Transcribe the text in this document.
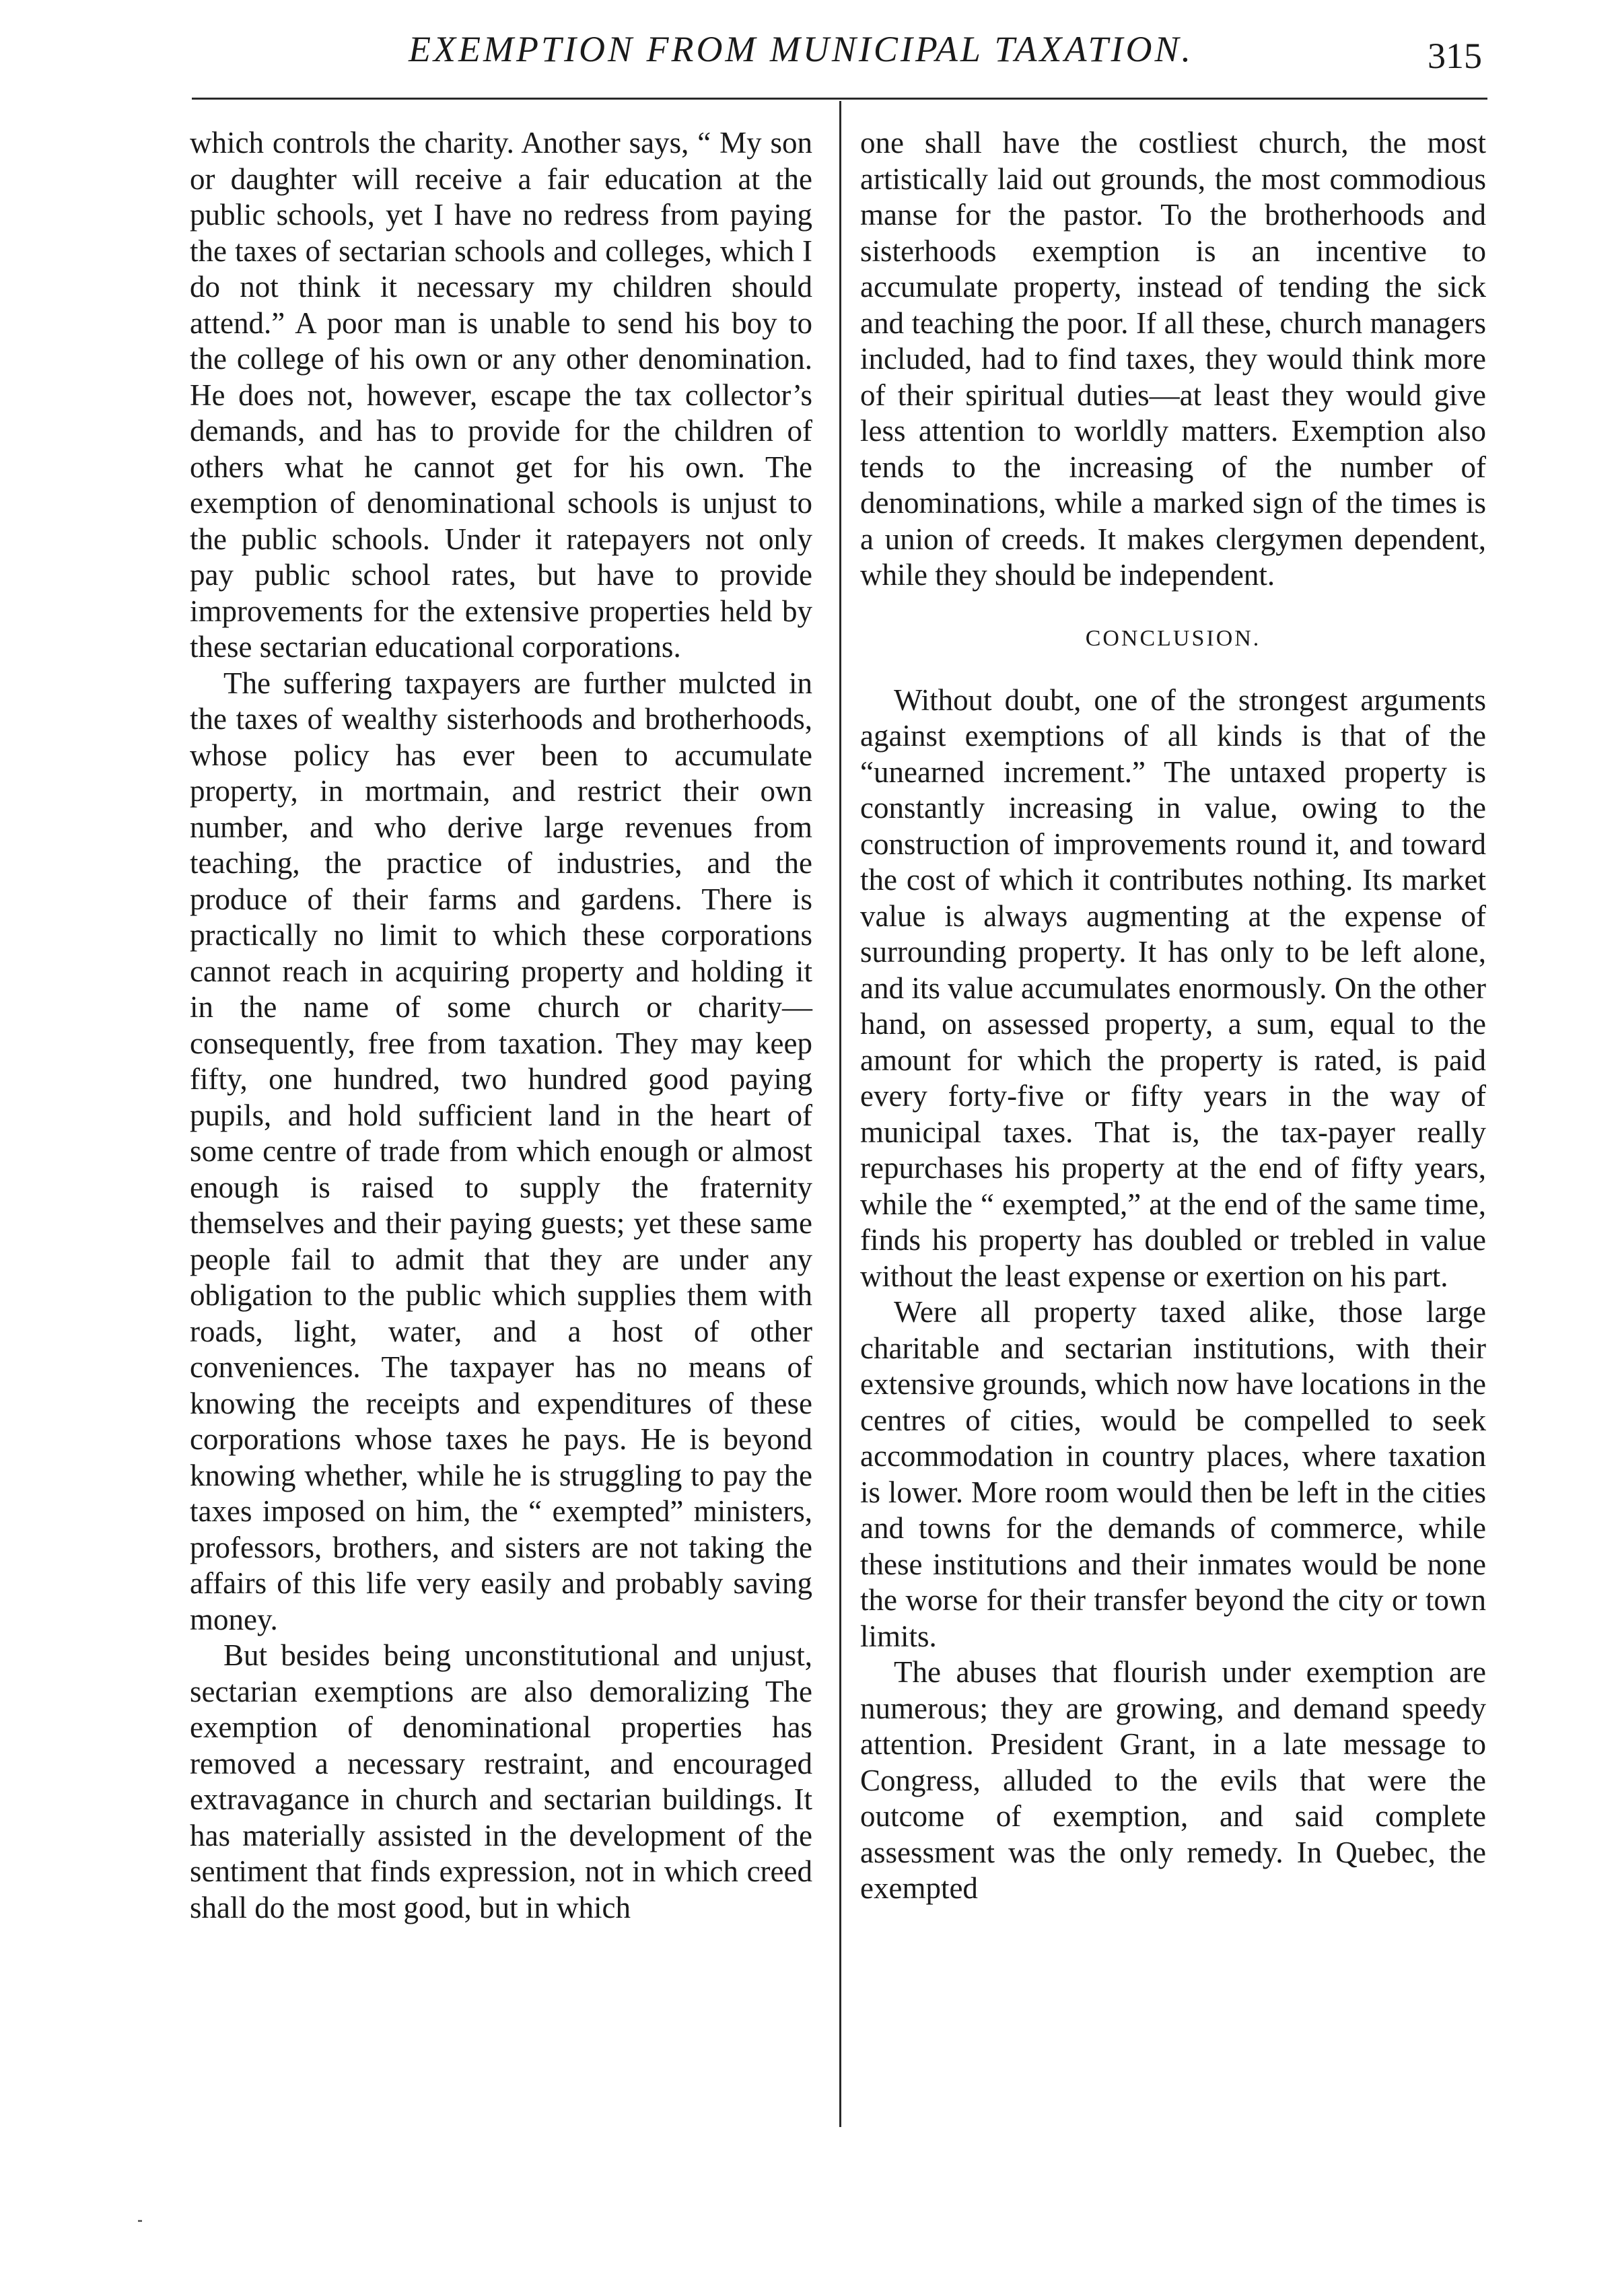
EXEMPTION FROM MUNICIPAL TAXATION.	315

which controls the charity. Another says, “ My son or daughter will receive a fair education at the public schools, yet I have no redress from paying the taxes of sectarian schools and colleges, which I do not think it necessary my children should attend.” A poor man is unable to send his boy to the college of his own or any other denomination. He does not, however, escape the tax collector’s demands, and has to provide for the children of others what he cannot get for his own. The exemption of denominational schools is unjust to the public schools. Under it ratepayers not only pay public school rates, but have to provide improvements for the extensive properties held by these sectarian educational corporations.

The suffering taxpayers are further mulcted in the taxes of wealthy sisterhoods and brotherhoods, whose policy has ever been to accumulate property, in mortmain, and restrict their own number, and who derive large revenues from teaching, the practice of industries, and the produce of their farms and gardens. There is practically no limit to which these corporations cannot reach in acquiring property and holding it in the name of some church or charity—consequently, free from taxation. They may keep fifty, one hundred, two hundred good paying pupils, and hold sufficient land in the heart of some centre of trade from which enough or almost enough is raised to supply the fraternity themselves and their paying guests; yet these same people fail to admit that they are under any obligation to the public which supplies them with roads, light, water, and a host of other conveniences. The taxpayer has no means of knowing the receipts and expenditures of these corporations whose taxes he pays. He is beyond knowing whether, while he is struggling to pay the taxes imposed on him, the “ exempted” ministers, professors, brothers, and sisters are not taking the affairs of this life very easily and probably saving money.

But besides being unconstitutional and unjust, sectarian exemptions are also demoralizing The exemption of denominational properties has removed a necessary restraint, and encouraged extravagance in church and sectarian buildings. It has materially assisted in the development of the sentiment that finds expression, not in which creed shall do the most good, but in which

one shall have the costliest church, the most artistically laid out grounds, the most commodious manse for the pastor. To the brotherhoods and sisterhoods exemption is an incentive to accumulate property, instead of tending the sick and teaching the poor. If all these, church managers included, had to find taxes, they would think more of their spiritual duties—at least they would give less attention to worldly matters. Exemption also tends to the increasing of the number of denominations, while a marked sign of the times is a union of creeds. It makes clergymen dependent, while they should be independent.

CONCLUSION.

Without doubt, one of the strongest arguments against exemptions of all kinds is that of the “unearned increment.” The untaxed property is constantly increasing in value, owing to the construction of improvements round it, and toward the cost of which it contributes nothing. Its market value is always augmenting at the expense of surrounding property. It has only to be left alone, and its value accumulates enormously. On the other hand, on assessed property, a sum, equal to the amount for which the property is rated, is paid every forty-five or fifty years in the way of municipal taxes. That is, the tax-payer really repurchases his property at the end of fifty years, while the “ exempted,” at the end of the same time, finds his property has doubled or trebled in value without the least expense or exertion on his part.

Were all property taxed alike, those large charitable and sectarian institutions, with their extensive grounds, which now have locations in the centres of cities, would be compelled to seek accommodation in country places, where taxation is lower. More room would then be left in the cities and towns for the demands of commerce, while these institutions and their inmates would be none the worse for their transfer beyond the city or town limits.

The abuses that flourish under exemption are numerous; they are growing, and demand speedy attention. President Grant, in a late message to Congress, alluded to the evils that were the outcome of exemption, and said complete assessment was the only remedy. In Quebec, the exempted
